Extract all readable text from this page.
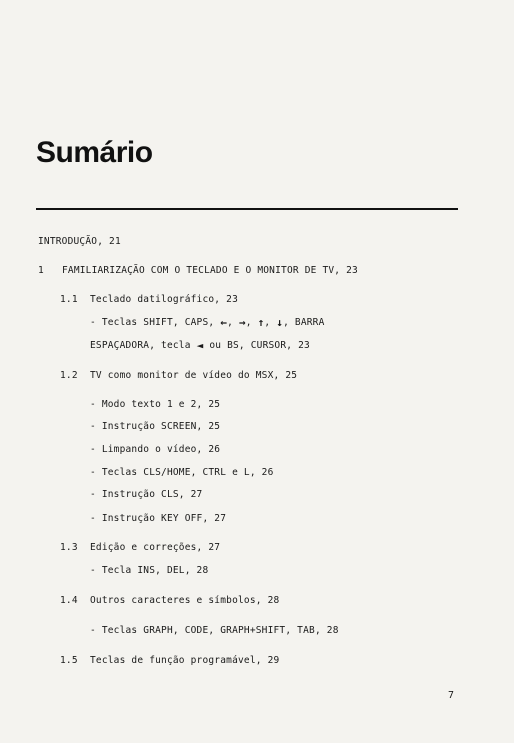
Sumário
INTRODUÇÃO, 21
1 FAMILIARIZAÇÃO COM O TECLADO E O MONITOR DE TV, 23
1.1 Teclado datilográfico, 23
- Teclas SHIFT, CAPS, ←, →, ↑, ↓, BARRA
ESPAÇADORA, tecla ◄ ou BS, CURSOR, 23
1.2 TV como monitor de vídeo do MSX, 25
- Modo texto 1 e 2, 25
- Instrução SCREEN, 25
- Limpando o vídeo, 26
- Teclas CLS/HOME, CTRL e L, 26
- Instrução CLS, 27
- Instrução KEY OFF, 27
1.3 Edição e correções, 27
- Tecla INS, DEL, 28
1.4 Outros caracteres e símbolos, 28
- Teclas GRAPH, CODE, GRAPH+SHIFT, TAB, 28
1.5 Teclas de função programável, 29
7
